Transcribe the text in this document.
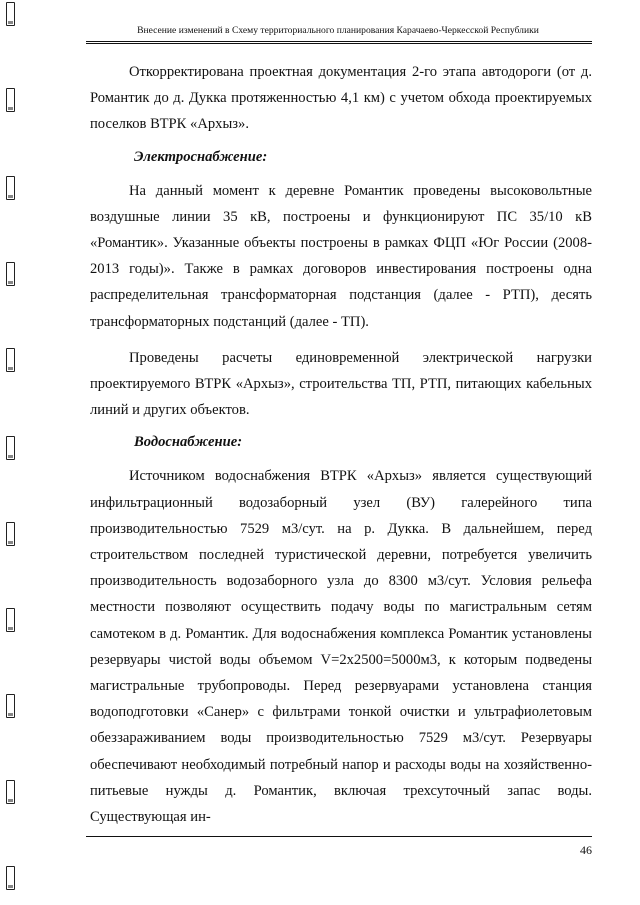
Внесение изменений в Схему территориального планирования Карачаево-Черкесской Республики

Откорректирована проектная документация 2-го этапа автодороги (от д. Романтик до д. Дукка протяженностью 4,1 км) с учетом обхода проектируемых поселков ВТРК «Архыз».

Электроснабжение:

На данный момент к деревне Романтик проведены высоковольтные воздушные линии 35 кВ, построены и функционируют ПС 35/10 кВ «Романтик». Указанные объекты построены в рамках ФЦП «Юг России (2008-2013 годы)». Также в рамках договоров инвестирования построены одна распределительная трансформаторная подстанция (далее - РТП), десять трансформаторных подстанций (далее - ТП).

Проведены расчеты единовременной электрической нагрузки проектируемого ВТРК «Архыз», строительства ТП, РТП, питающих кабельных линий и других объектов.

Водоснабжение:

Источником водоснабжения ВТРК «Архыз» является существующий инфильтрационный водозаборный узел (ВУ) галерейного типа производительностью 7529 м3/сут. на р. Дукка. В дальнейшем, перед строительством последней туристической деревни, потребуется увеличить производительность водозаборного узла до 8300 м3/сут. Условия рельефа местности позволяют осуществить подачу воды по магистральным сетям самотеком в д. Романтик. Для водоснабжения комплекса Романтик установлены резервуары чистой воды объемом V=2x2500=5000м3, к которым подведены магистральные трубопроводы. Перед резервуарами установлена станция водоподготовки «Санер» с фильтрами тонкой очистки и ультрафиолетовым обеззараживанием воды производительностью 7529 м3/сут. Резервуары обеспечивают необходимый потребный напор и расходы воды на хозяйственно-питьевые нужды д. Романтик, включая трехсуточный запас воды. Существующая ин-

46
